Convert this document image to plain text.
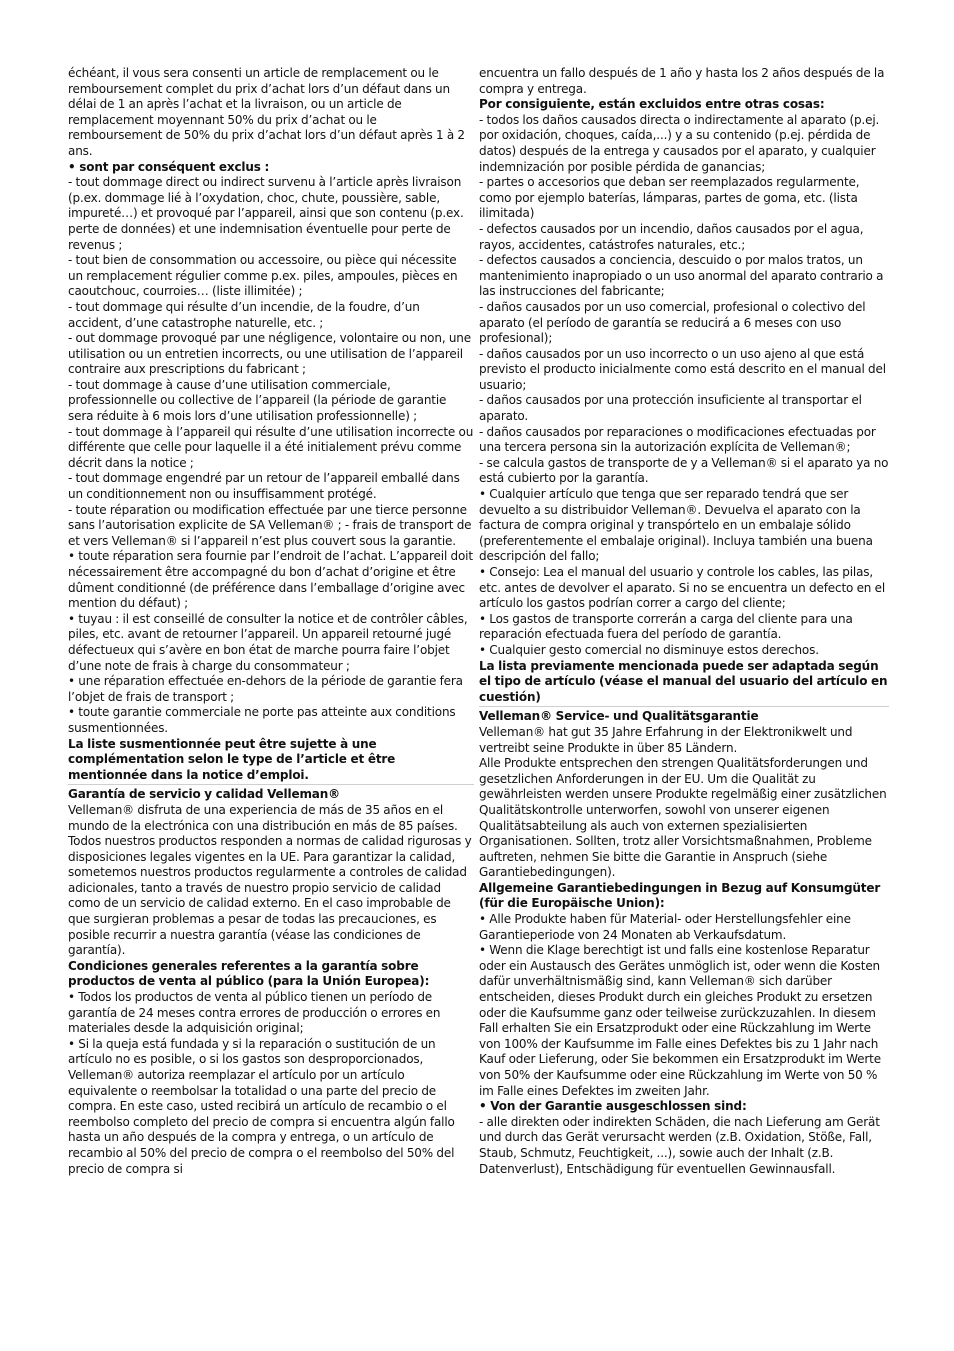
échéant, il vous sera consenti un article de remplacement ou le remboursement complet du prix d’achat lors d’un défaut dans un délai de 1 an après l’achat et la livraison, ou un article de remplacement moyennant 50% du prix d’achat ou le remboursement de 50% du prix d’achat lors d’un défaut après 1 à 2 ans.

• sont par conséquent exclus :

- tout dommage direct ou indirect survenu à l’article après livraison (p.ex. dommage lié à l’oxydation, choc, chute, poussière, sable, impureté…) et provoqué par l’appareil, ainsi que son contenu (p.ex. perte de données) et une indemnisation éventuelle pour perte de revenus ;

- tout bien de consommation ou accessoire, ou pièce qui nécessite un remplacement régulier comme p.ex. piles, ampoules, pièces en caoutchouc, courroies… (liste illimitée) ;

- tout dommage qui résulte d’un incendie, de la foudre, d’un accident, d’une catastrophe naturelle, etc. ;

- out dommage provoqué par une négligence, volontaire ou non, une utilisation ou un entretien incorrects, ou une utilisation de l’appareil contraire aux prescriptions du fabricant ;

- tout dommage à cause d’une utilisation commerciale, professionnelle ou collective de l’appareil (la période de garantie sera réduite à 6 mois lors d’une utilisation professionnelle) ;

- tout dommage à l’appareil qui résulte d’une utilisation incorrecte ou différente que celle pour laquelle il a été initialement prévu comme décrit dans la notice ;

- tout dommage engendré par un retour de l’appareil emballé dans un conditionnement non ou insuffisamment protégé.

- toute réparation ou modification effectuée par une tierce personne sans l’autorisation explicite de SA Velleman® ; - frais de transport de et vers Velleman® si l’appareil n’est plus couvert sous la garantie.

• toute réparation sera fournie par l’endroit de l’achat. L’appareil doit nécessairement être accompagné du bon d’achat d’origine et être dûment conditionné (de préférence dans l’emballage d’origine avec mention du défaut) ;

• tuyau : il est conseillé de consulter la notice et de contrôler câbles, piles, etc. avant de retourner l’appareil. Un appareil retourné jugé défectueux qui s’avère en bon état de marche pourra faire l’objet d’une note de frais à charge du consommateur ;

• une réparation effectuée en-dehors de la période de garantie fera l’objet de frais de transport ;

• toute garantie commerciale ne porte pas atteinte aux conditions susmentionnées.

La liste susmentionnée peut être sujette à une complémentation selon le type de l’article et être mentionnée dans la notice d’emploi.

Garantía de servicio y calidad Velleman®

Velleman® disfruta de una experiencia de más de 35 años en el mundo de la electrónica con una distribución en más de 85 países. Todos nuestros productos responden a normas de calidad rigurosas y disposiciones legales vigentes en la UE. Para garantizar la calidad, sometemos nuestros productos regularmente a controles de calidad adicionales, tanto a través de nuestro propio servicio de calidad como de un servicio de calidad externo. En el caso improbable de que surgieran problemas a pesar de todas las precauciones, es posible recurrir a nuestra garantía (véase las condiciones de garantía).

Condiciones generales referentes a la garantía sobre productos de venta al público (para la Unión Europea):

• Todos los productos de venta al público tienen un período de garantía de 24 meses contra errores de producción o errores en materiales desde la adquisición original;

• Si la queja está fundada y si la reparación o sustitución de un artículo no es posible, o si los gastos son desproporcionados, Velleman® autoriza reemplazar el artículo por un artículo equivalente o reembolsar la totalidad o una parte del precio de compra. En este caso, usted recibirá un artículo de recambio o el reembolso completo del precio de compra si encuentra algún fallo hasta un año después de la compra y entrega, o un artículo de recambio al 50% del precio de compra o el reembolso del 50% del precio de compra si

encuentra un fallo después de 1 año y hasta los 2 años después de la compra y entrega.

Por consiguiente, están excluidos entre otras cosas:

- todos los daños causados directa o indirectamente al aparato (p.ej. por oxidación, choques, caída,...) y a su contenido (p.ej. pérdida de datos) después de la entrega y causados por el aparato, y cualquier indemnización por posible pérdida de ganancias;

- partes o accesorios que deban ser reemplazados regularmente, como por ejemplo baterías, lámparas, partes de goma, etc. (lista ilimitada)

- defectos causados por un incendio, daños causados por el agua, rayos, accidentes, catástrofes naturales, etc.;

- defectos causados a conciencia, descuido o por malos tratos, un mantenimiento inapropiado o un uso anormal del aparato contrario a las instrucciones del fabricante;

- daños causados por un uso comercial, profesional o colectivo del aparato (el período de garantía se reducirá a 6 meses con uso profesional);

- daños causados por un uso incorrecto o un uso ajeno al que está previsto el producto inicialmente como está descrito en el manual del usuario;

- daños causados por una protección insuficiente al transportar el aparato.

- daños causados por reparaciones o modificaciones efectuadas por una tercera persona sin la autorización explícita de Velleman®;

- se calcula gastos de transporte de y a Velleman® si el aparato ya no está cubierto por la garantía.

• Cualquier artículo que tenga que ser reparado tendrá que ser devuelto a su distribuidor Velleman®. Devuelva el aparato con la factura de compra original y transpórtelo en un embalaje sólido (preferentemente el embalaje original). Incluya también una buena descripción del fallo;

• Consejo: Lea el manual del usuario y controle los cables, las pilas, etc. antes de devolver el aparato. Si no se encuentra un defecto en el artículo los gastos podrían correr a cargo del cliente;

• Los gastos de transporte correrán a carga del cliente para una reparación efectuada fuera del período de garantía.

• Cualquier gesto comercial no disminuye estos derechos.

La lista previamente mencionada puede ser adaptada según el tipo de artículo (véase el manual del usuario del artículo en cuestión)

Velleman® Service- und Qualitätsgarantie

Velleman® hat gut 35 Jahre Erfahrung in der Elektronikwelt und vertreibt seine Produkte in über 85 Ländern.

Alle Produkte entsprechen den strengen Qualitätsforderungen und gesetzlichen Anforderungen in der EU. Um die Qualität zu gewährleisten werden unsere Produkte regelmäßig einer zusätzlichen Qualitätskontrolle unterworfen, sowohl von unserer eigenen Qualitätsabteilung als auch von externen spezialisierten Organisationen. Sollten, trotz aller Vorsichtsmaßnahmen, Probleme auftreten, nehmen Sie bitte die Garantie in Anspruch (siehe Garantiebedingungen).

Allgemeine Garantiebedingungen in Bezug auf Konsumgüter (für die Europäische Union):

• Alle Produkte haben für Material- oder Herstellungsfehler eine Garantieperiode von 24 Monaten ab Verkaufsdatum.

• Wenn die Klage berechtigt ist und falls eine kostenlose Reparatur oder ein Austausch des Gerätes unmöglich ist, oder wenn die Kosten dafür unverhältnismäßig sind, kann Velleman® sich darüber entscheiden, dieses Produkt durch ein gleiches Produkt zu ersetzen oder die Kaufsumme ganz oder teilweise zurückzuzahlen. In diesem Fall erhalten Sie ein Ersatzprodukt oder eine Rückzahlung im Werte von 100% der Kaufsumme im Falle eines Defektes bis zu 1 Jahr nach Kauf oder Lieferung, oder Sie bekommen ein Ersatzprodukt im Werte von 50% der Kaufsumme oder eine Rückzahlung im Werte von 50 % im Falle eines Defektes im zweiten Jahr.

• Von der Garantie ausgeschlossen sind:

- alle direkten oder indirekten Schäden, die nach Lieferung am Gerät und durch das Gerät verursacht werden (z.B. Oxidation, Stöße, Fall, Staub, Schmutz, Feuchtigkeit, ...), sowie auch der Inhalt (z.B. Datenverlust), Entschädigung für eventuellen Gewinnausfall.
